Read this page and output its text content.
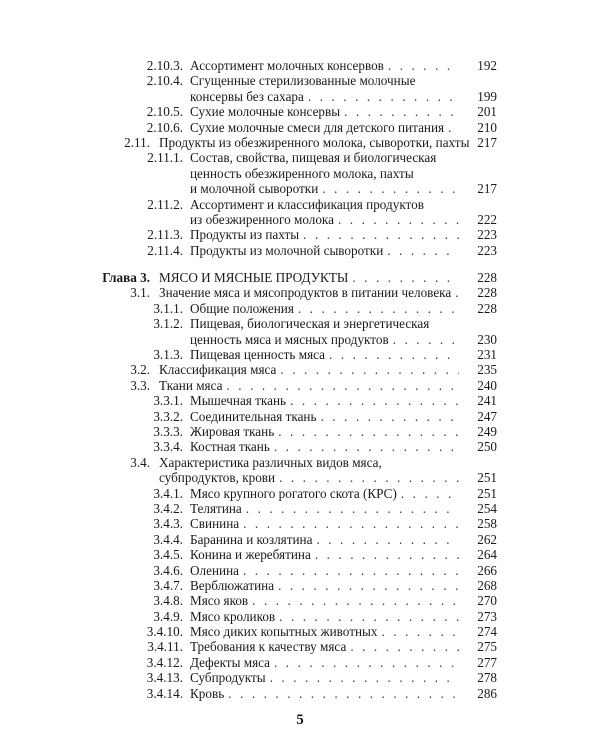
2.10.3. Ассортимент молочных консервов . . .	192
2.10.4. Сгущенные стерилизованные молочные
консервы без сахара . . .	199
2.10.5. Сухие молочные консервы . . .	201
2.10.6. Сухие молочные смеси для детского питания . . .	210
2.11. Продукты из обезжиренного молока, сыворотки, пахты 217
2.11.1. Состав, свойства, пищевая и биологическая
ценность обезжиренного молока, пахты
и молочной сыворотки . . .	217
2.11.2. Ассортимент и классификация продуктов
из обезжиренного молока . . .	222
2.11.3. Продукты из пахты . . .	223
2.11.4. Продукты из молочной сыворотки . . .	223
Глава 3. МЯСО И МЯСНЫЕ ПРОДУКТЫ . . .	228
3.1. Значение мяса и мясопродуктов в питании человека . . .	228
3.1.1. Общие положения . . .	228
3.1.2. Пищевая, биологическая и энергетическая
ценность мяса и мясных продуктов . . .	230
3.1.3. Пищевая ценность мяса . . .	231
3.2. Классификация мяса . . .	235
3.3. Ткани мяса . . .	240
3.3.1. Мышечная ткань . . .	241
3.3.2. Соединительная ткань . . .	247
3.3.3. Жировая ткань . . .	249
3.3.4. Костная ткань . . .	250
3.4. Характеристика различных видов мяса,
субпродуктов, крови . . .	251
3.4.1. Мясо крупного рогатого скота (КРС) . . .	251
3.4.2. Телятина . . .	254
3.4.3. Свинина . . .	258
3.4.4. Баранина и козлятина . . .	262
3.4.5. Конина и жеребятина . . .	264
3.4.6. Оленина . . .	266
3.4.7. Верблюжатина . . .	268
3.4.8. Мясо яков . . .	270
3.4.9. Мясо кроликов . . .	273
3.4.10. Мясо диких копытных животных . . .	274
3.4.11. Требования к качеству мяса . . .	275
3.4.12. Дефекты мяса . . .	277
3.4.13. Субпродукты . . .	278
3.4.14. Кровь . . .	286
5
